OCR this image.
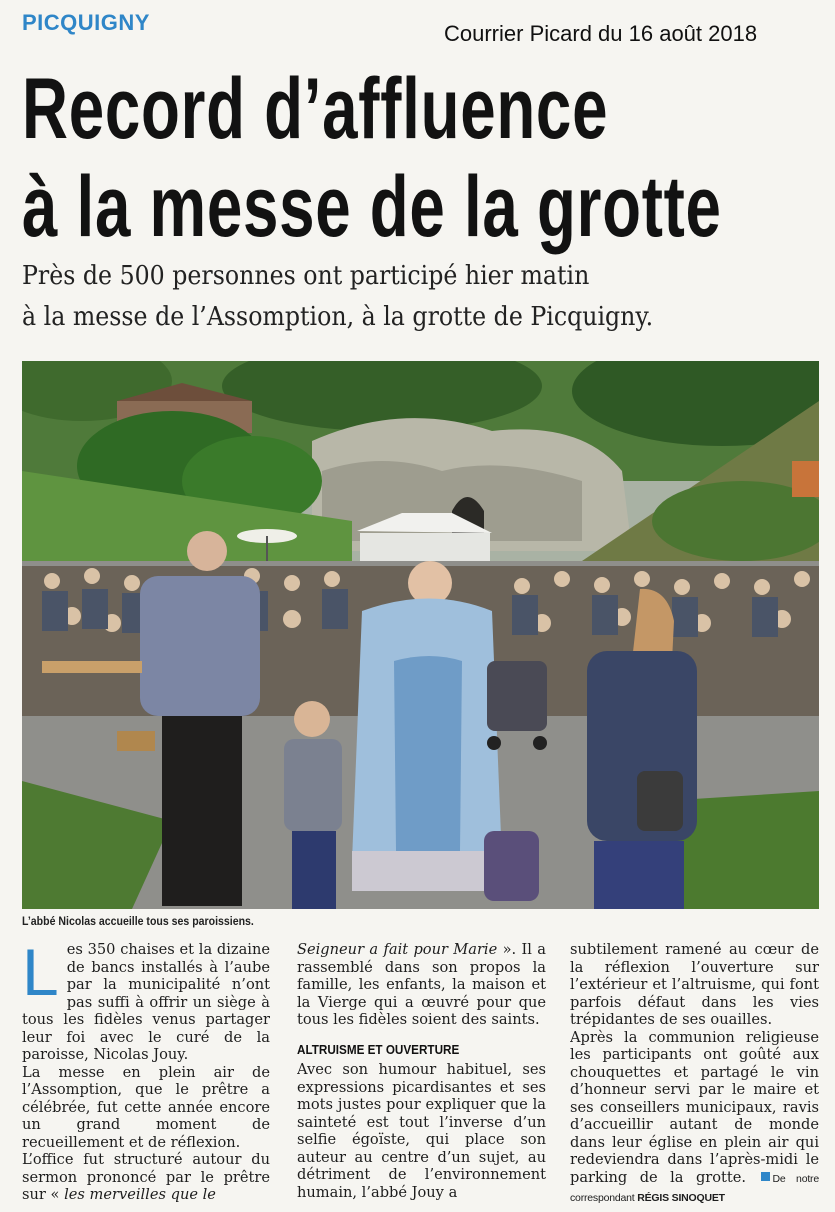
PICQUIGNY	Courrier Picard du 16 août 2018
Record d’affluence
à la messe de la grotte
Près de 500 personnes ont participé hier matin
à la messe de l’Assomption, à la grotte de Picquigny.
L’abbé Nicolas accueille tous ses paroissiens.
L es 350 chaises et la dizaine de bancs installés à l’aube par la municipalité n’ont pas suffi à offrir un siège à tous les fidèles venus partager leur foi avec le curé de la paroisse, Nicolas Jouy.

La messe en plein air de l’Assomption, que le prêtre a célébrée, fut cette année encore un grand moment de recueillement et de réflexion.

L’office fut structuré autour du sermon prononcé par le prêtre sur « les merveilles que le

Seigneur a fait pour Marie ». Il a rassemblé dans son propos la famille, les enfants, la maison et la Vierge qui a œuvré pour que tous les fidèles soient des saints.

ALTRUISME ET OUVERTURE

Avec son humour habituel, ses expressions picardisantes et ses mots justes pour expliquer que la sainteté est tout l’inverse d’un selfie égoïste, qui place son auteur au centre d’un sujet, au détriment de l’environnement humain, l’abbé Jouy a

subtilement ramené au cœur de la réflexion l’ouverture sur l’extérieur et l’altruisme, qui font parfois défaut dans les vies trépidantes de ses ouailles.

Après la communion religieuse les participants ont goûté aux chouquettes et partagé le vin d’honneur servi par le maire et ses conseillers municipaux, ravis d’accueillir autant de monde dans leur église en plein air qui redeviendra dans l’après-midi le parking de la grotte.	De notre correspondant RÉGIS SINOQUET
